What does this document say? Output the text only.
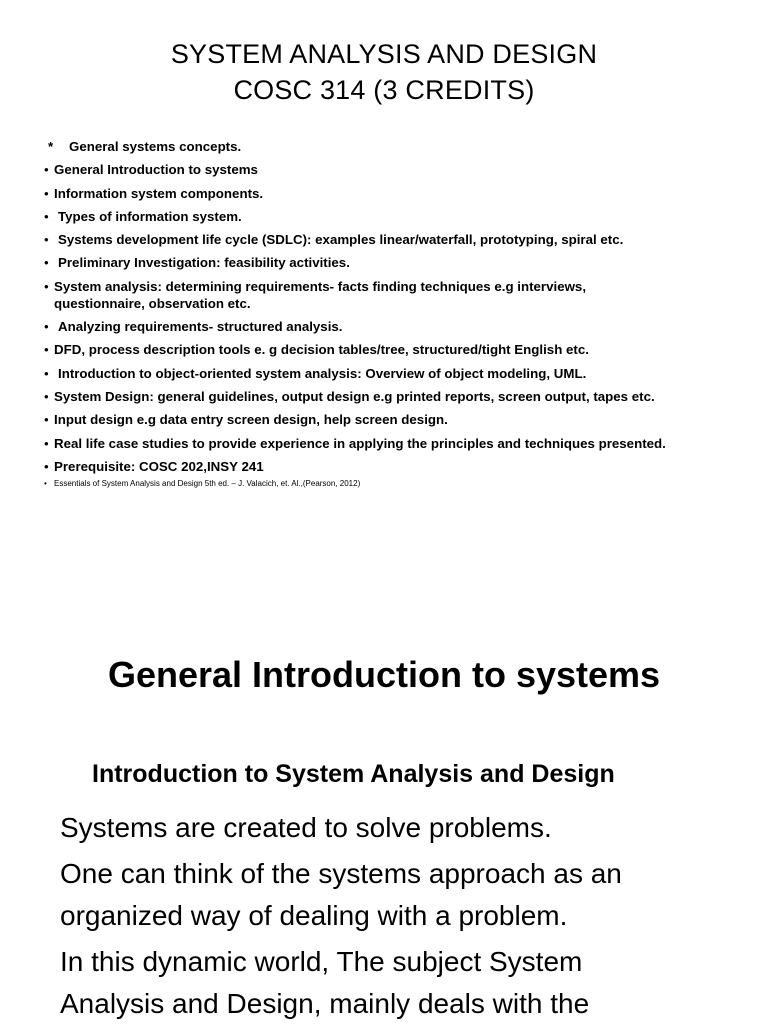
SYSTEM ANALYSIS AND DESIGN
COSC 314 (3 CREDITS)
* General systems concepts.
• General Introduction to systems
• Information system components.
• Types of information system.
• Systems development life cycle (SDLC): examples linear/waterfall, prototyping, spiral etc.
• Preliminary Investigation: feasibility activities.
• System analysis: determining requirements- facts finding techniques e.g interviews,
questionnaire, observation etc.
• Analyzing requirements- structured analysis.
• DFD, process description tools e. g decision tables/tree, structured/tight English etc.
• Introduction to object-oriented system analysis: Overview of object modeling, UML.
• System Design: general guidelines, output design e.g printed reports, screen output, tapes etc.
• Input design e.g data entry screen design, help screen design.
• Real life case studies to provide experience in applying the principles and techniques presented.
• Prerequisite: COSC 202,INSY 241
• Essentials of System Analysis and Design 5th ed. – J. Valacich, et. Al.,(Pearson, 2012)
General Introduction to systems
Introduction to System Analysis and Design

Systems are created to solve problems.

One can think of the systems approach as an
organized way of dealing with a problem.

In this dynamic world, The subject System
Analysis and Design, mainly deals with the
